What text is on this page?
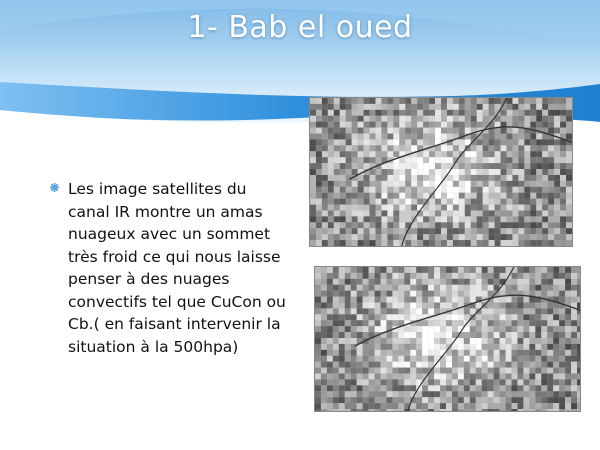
1- Bab el oued

Les image satellites du canal IR montre un amas nuageux avec un sommet très froid ce qui nous laisse penser à des nuages convectifs tel que CuCon ou Cb.( en faisant intervenir la situation à la 500hpa)
